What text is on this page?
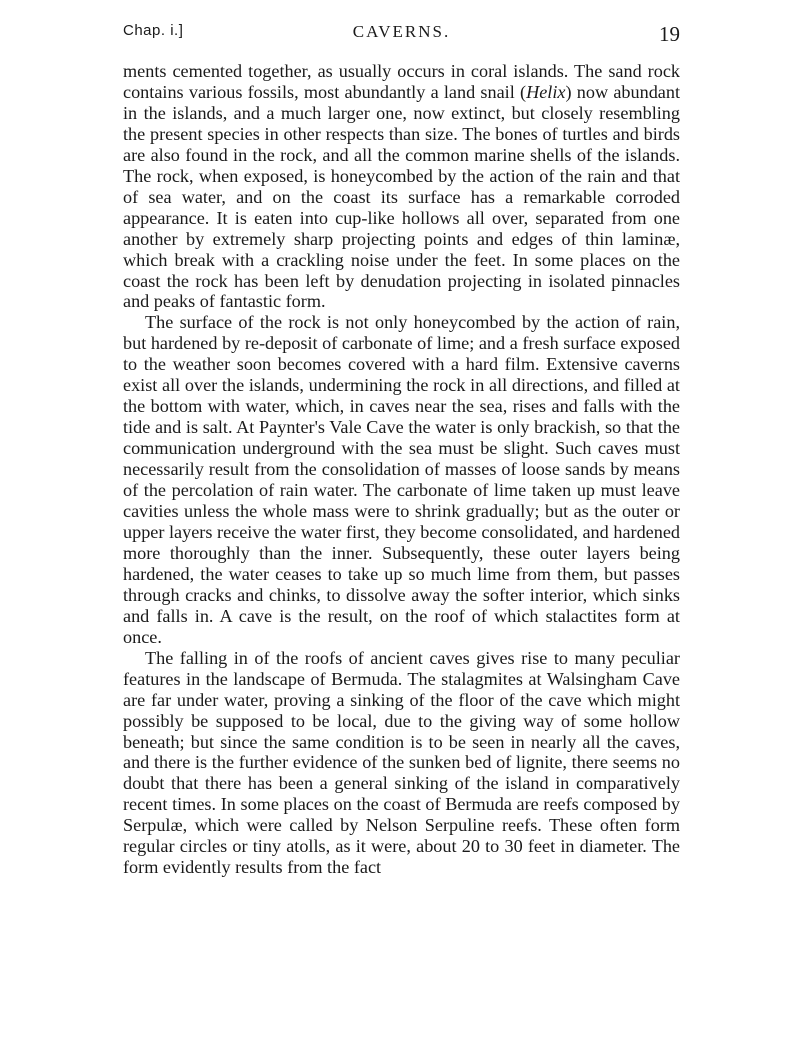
Chap. i.]	CAVERNS.	19

ments cemented together, as usually occurs in coral islands. The sand rock contains various fossils, most abundantly a land snail (Helix) now abundant in the islands, and a much larger one, now extinct, but closely resembling the present species in other respects than size. The bones of turtles and birds are also found in the rock, and all the common marine shells of the islands. The rock, when exposed, is honeycombed by the action of the rain and that of sea water, and on the coast its surface has a remarkable corroded appearance. It is eaten into cup-like hollows all over, separated from one another by extremely sharp projecting points and edges of thin laminæ, which break with a crackling noise under the feet. In some places on the coast the rock has been left by denudation projecting in isolated pinnacles and peaks of fantastic form.

The surface of the rock is not only honeycombed by the action of rain, but hardened by re-deposit of carbonate of lime; and a fresh surface exposed to the weather soon becomes covered with a hard film. Extensive caverns exist all over the islands, undermining the rock in all directions, and filled at the bottom with water, which, in caves near the sea, rises and falls with the tide and is salt. At Paynter's Vale Cave the water is only brackish, so that the communication underground with the sea must be slight. Such caves must necessarily result from the consolidation of masses of loose sands by means of the percolation of rain water. The carbonate of lime taken up must leave cavities unless the whole mass were to shrink gradually; but as the outer or upper layers receive the water first, they become consolidated, and hardened more thoroughly than the inner. Subsequently, these outer layers being hardened, the water ceases to take up so much lime from them, but passes through cracks and chinks, to dissolve away the softer interior, which sinks and falls in. A cave is the result, on the roof of which stalactites form at once.

The falling in of the roofs of ancient caves gives rise to many peculiar features in the landscape of Bermuda. The stalagmites at Walsingham Cave are far under water, proving a sinking of the floor of the cave which might possibly be supposed to be local, due to the giving way of some hollow beneath; but since the same condition is to be seen in nearly all the caves, and there is the further evidence of the sunken bed of lignite, there seems no doubt that there has been a general sinking of the island in comparatively recent times. In some places on the coast of Bermuda are reefs composed by Serpulæ, which were called by Nelson Serpuline reefs. These often form regular circles or tiny atolls, as it were, about 20 to 30 feet in diameter. The form evidently results from the fact
